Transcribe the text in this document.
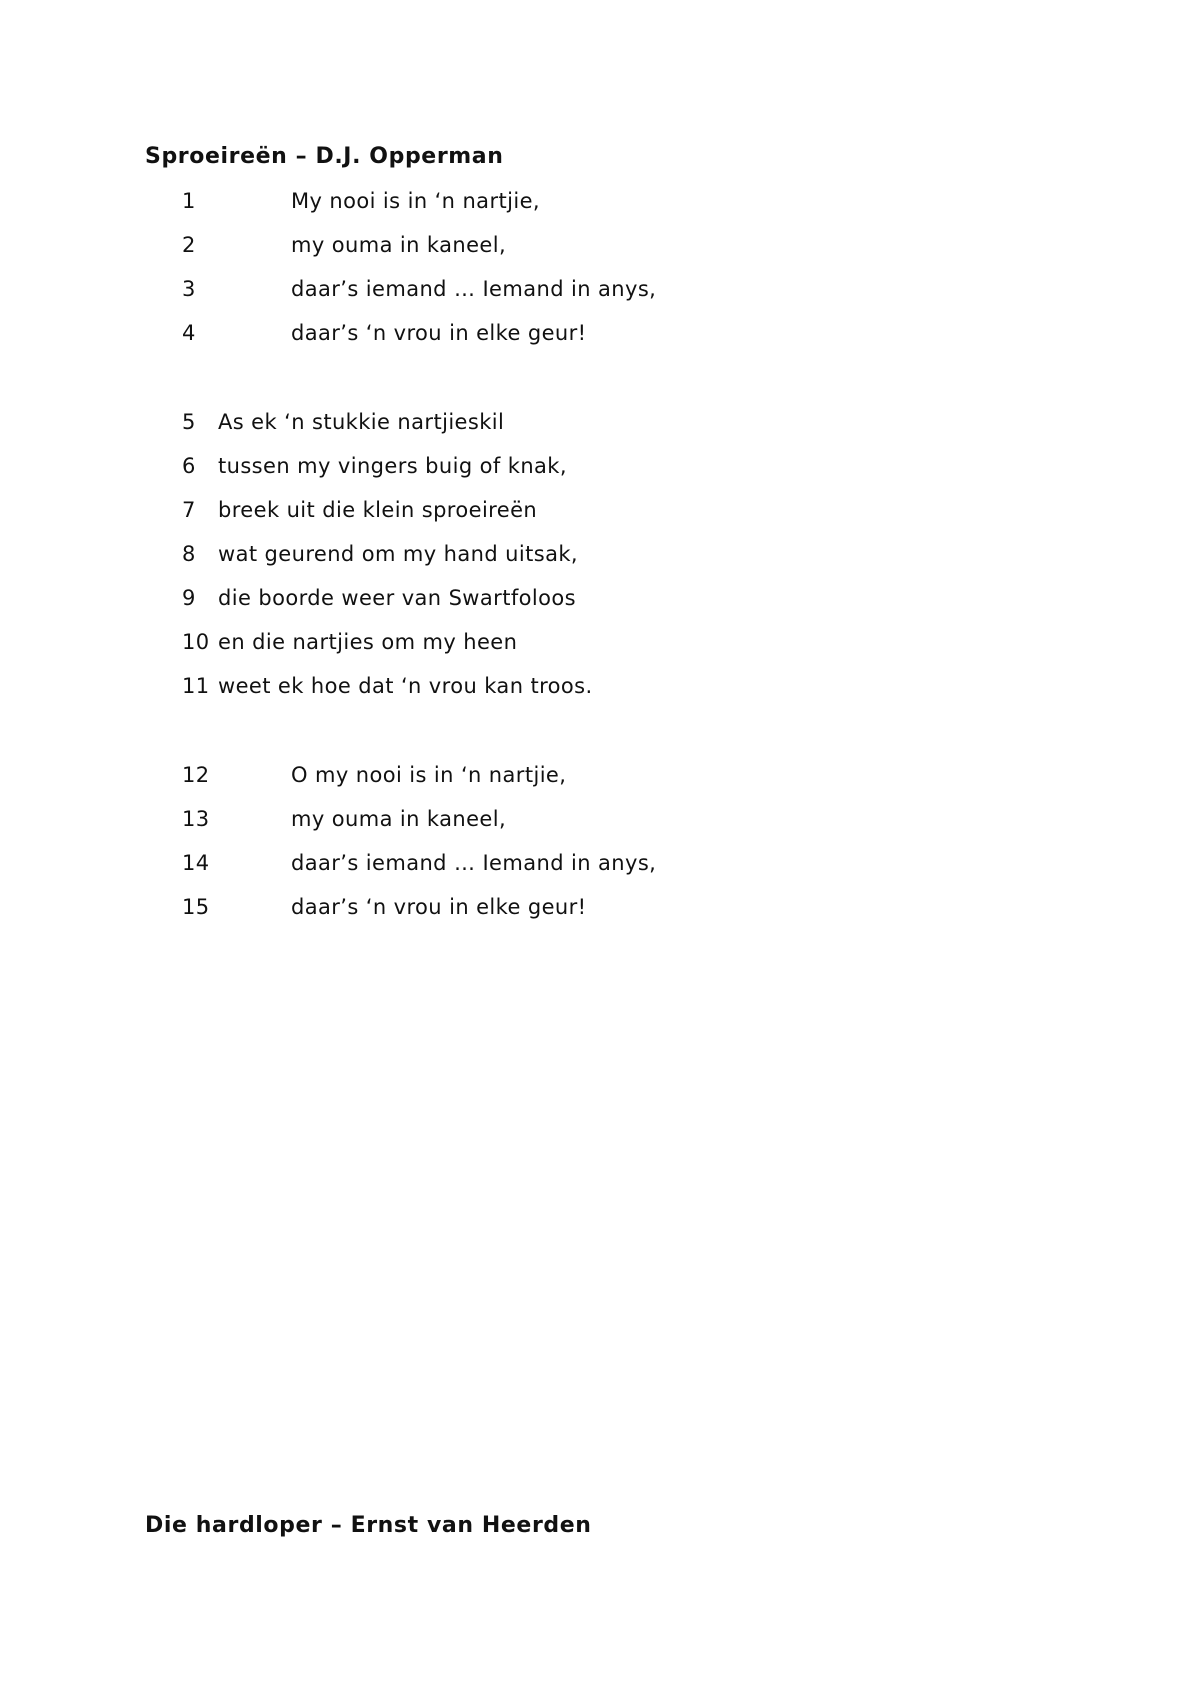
Sproeireën – D.J. Opperman
1	My nooi is in ‘n nartjie,
2	my ouma in kaneel,
3	daar’s iemand … Iemand in anys,
4	daar’s ‘n vrou in elke geur!
5 As ek ‘n stukkie nartjieskil
6 tussen my vingers buig of knak,
7 breek uit die klein sproeireën
8 wat geurend om my hand uitsak,
9 die boorde weer van Swartfoloos
10 en die nartjies om my heen
11 weet ek hoe dat ‘n vrou kan troos.
12	O my nooi is in ‘n nartjie,
13	my ouma in kaneel,
14	daar’s iemand … Iemand in anys,
15	daar’s ‘n vrou in elke geur!
Die hardloper – Ernst van Heerden
